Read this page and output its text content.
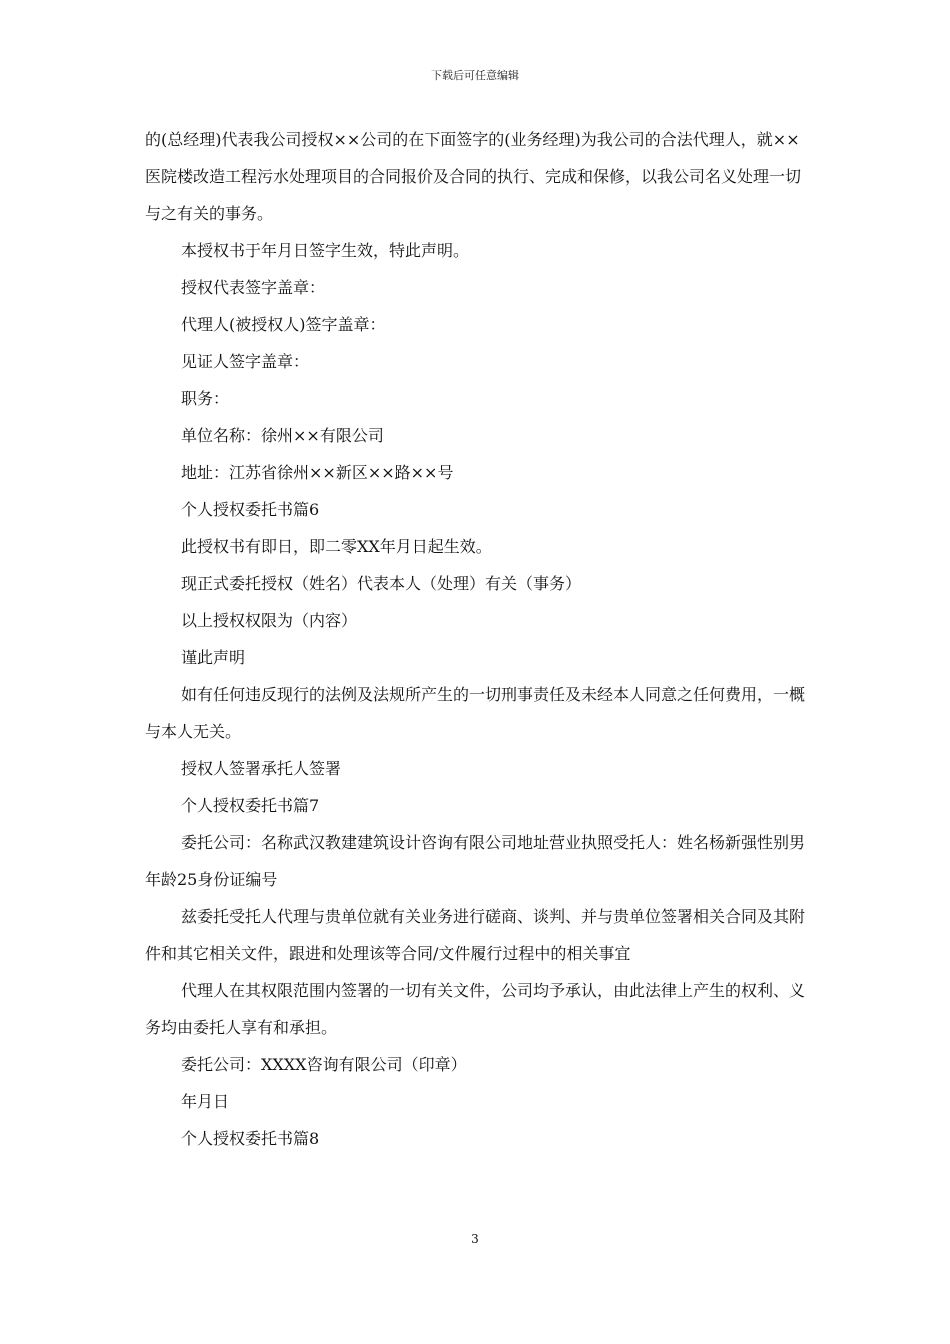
下载后可任意编辑

的(总经理)代表我公司授权××公司的在下面签字的(业务经理)为我公司的合法代理人，就××医院楼改造工程污水处理项目的合同报价及合同的执行、完成和保修，以我公司名义处理一切与之有关的事务。

本授权书于年月日签字生效，特此声明。

授权代表签字盖章：

代理人(被授权人)签字盖章：

见证人签字盖章：

职务：

单位名称：徐州××有限公司

地址：江苏省徐州××新区××路××号

个人授权委托书篇6

此授权书有即日，即二零XX年月日起生效。

现正式委托授权（姓名）代表本人（处理）有关（事务）

以上授权权限为（内容）

谨此声明

如有任何违反现行的法例及法规所产生的一切刑事责任及未经本人同意之任何费用，一概与本人无关。

授权人签署承托人签署

个人授权委托书篇7

委托公司：名称武汉教建建筑设计咨询有限公司地址营业执照受托人：姓名杨新强性别男年龄25身份证编号

兹委托受托人代理与贵单位就有关业务进行磋商、谈判、并与贵单位签署相关合同及其附件和其它相关文件，跟进和处理该等合同/文件履行过程中的相关事宜

代理人在其权限范围内签署的一切有关文件，公司均予承认，由此法律上产生的权利、义务均由委托人享有和承担。

委托公司：XXXX咨询有限公司（印章）

年月日

个人授权委托书篇8

3
